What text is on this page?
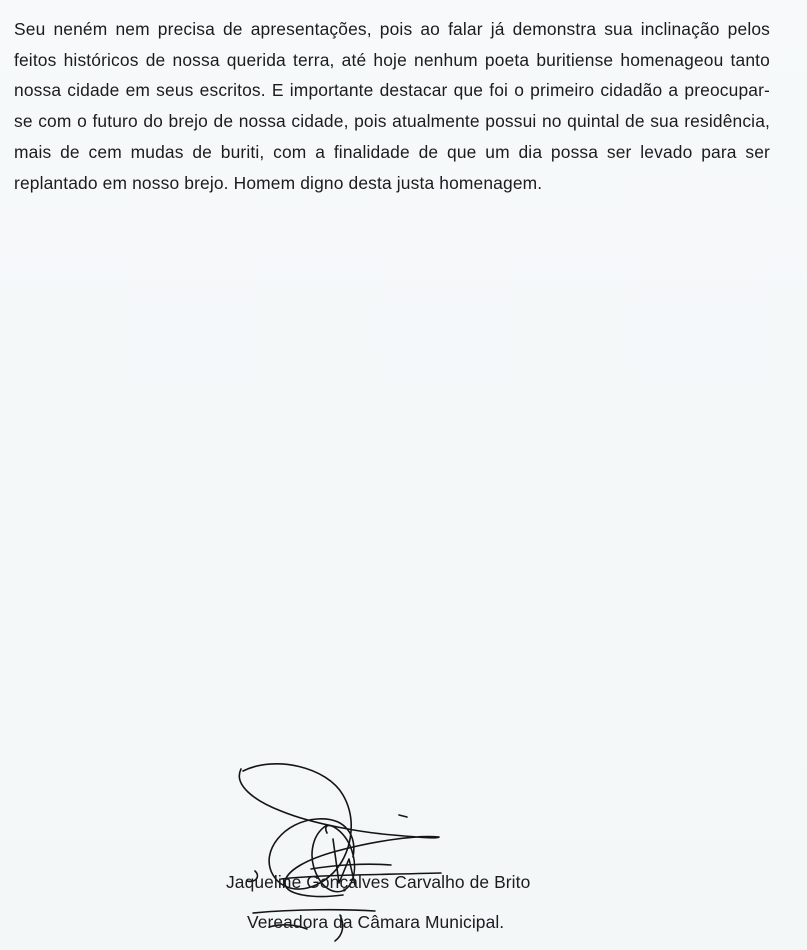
Seu neném nem precisa de apresentações, pois ao falar já demonstra sua inclinação pelos feitos históricos de nossa querida terra, até hoje nenhum poeta buritiense homenageou tanto nossa cidade em seus escritos. E importante destacar que foi o primeiro cidadão a preocupar-se com o futuro do brejo de nossa cidade, pois atualmente possui no quintal de sua residência, mais de cem mudas de buriti, com a finalidade de que um dia possa ser levado para ser replantado em nosso brejo. Homem digno desta justa homenagem.

Jaqueline Gonçalves Carvalho de Brito
Vereadora da Câmara Municipal.
